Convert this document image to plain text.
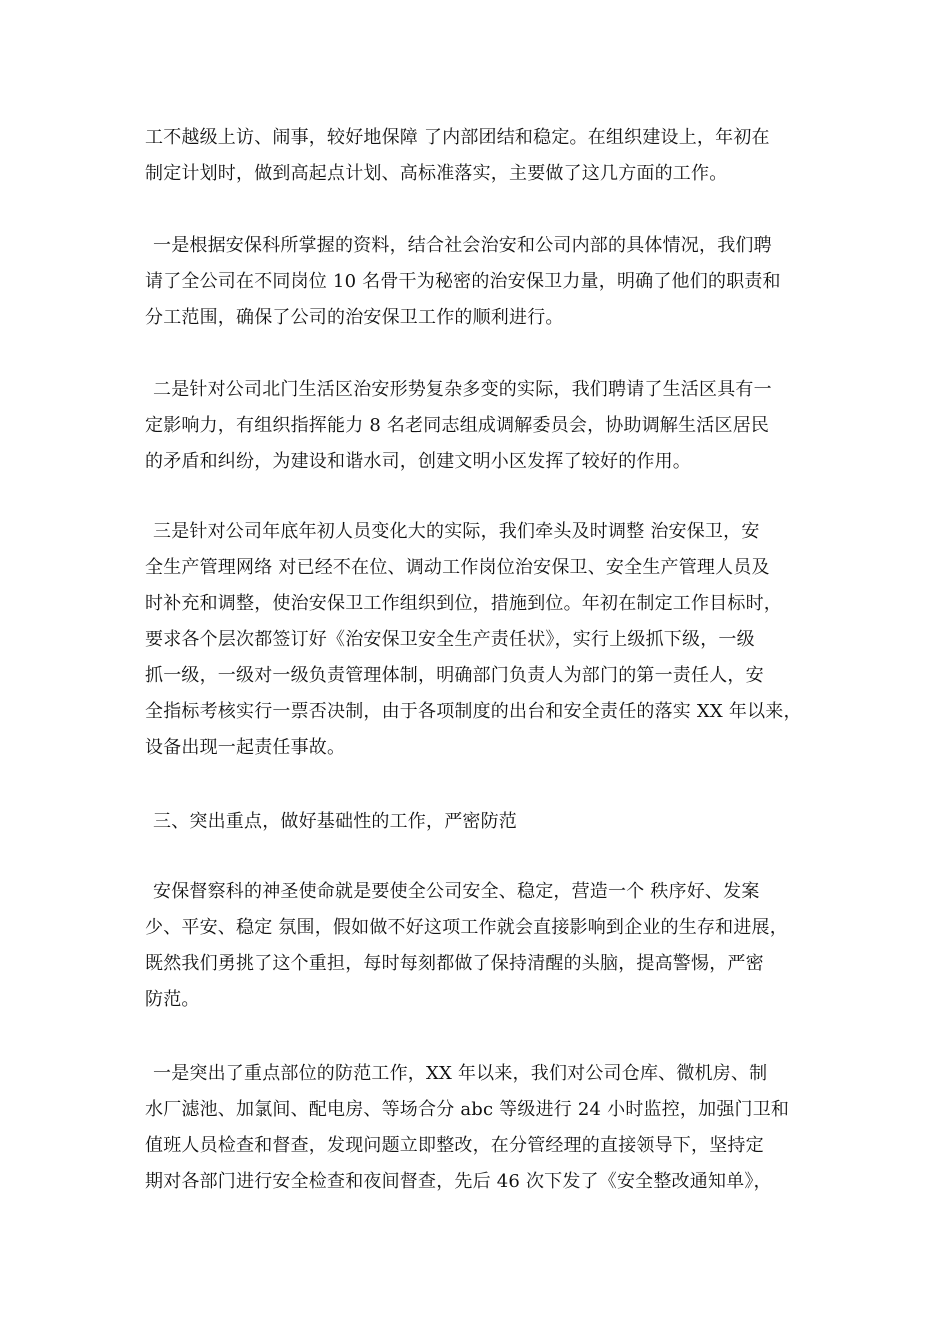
工不越级上访、闹事，较好地保障 了内部团结和稳定。在组织建设上，年初在
制定计划时，做到高起点计划、高标准落实，主要做了这几方面的工作。
一是根据安保科所掌握的资料，结合社会治安和公司内部的具体情况，我们聘
请了全公司在不同岗位 10 名骨干为秘密的治安保卫力量，明确了他们的职责和
分工范围，确保了公司的治安保卫工作的顺利进行。
二是针对公司北门生活区治安形势复杂多变的实际，我们聘请了生活区具有一
定影响力，有组织指挥能力 8 名老同志组成调解委员会，协助调解生活区居民
的矛盾和纠纷，为建设和谐水司，创建文明小区发挥了较好的作用。
三是针对公司年底年初人员变化大的实际，我们牵头及时调整 治安保卫，安
全生产管理网络 对已经不在位、调动工作岗位治安保卫、安全生产管理人员及
时补充和调整，使治安保卫工作组织到位，措施到位。年初在制定工作目标时，
要求各个层次都签订好《治安保卫安全生产责任状》，实行上级抓下级，一级
抓一级，一级对一级负责管理体制，明确部门负责人为部门的第一责任人，安
全指标考核实行一票否决制，由于各项制度的出台和安全责任的落实 XX 年以来，
设备出现一起责任事故。
三、突出重点，做好基础性的工作，严密防范
安保督察科的神圣使命就是要使全公司安全、稳定，营造一个 秩序好、发案
少、平安、稳定 氛围，假如做不好这项工作就会直接影响到企业的生存和进展，
既然我们勇挑了这个重担，每时每刻都做了保持清醒的头脑，提高警惕，严密
防范。
一是突出了重点部位的防范工作，XX 年以来，我们对公司仓库、微机房、制
水厂滤池、加氯间、配电房、等场合分 abc 等级进行 24 小时监控，加强门卫和
值班人员检查和督查，发现问题立即整改，在分管经理的直接领导下，坚持定
期对各部门进行安全检查和夜间督查，先后 46 次下发了《安全整改通知单》，
